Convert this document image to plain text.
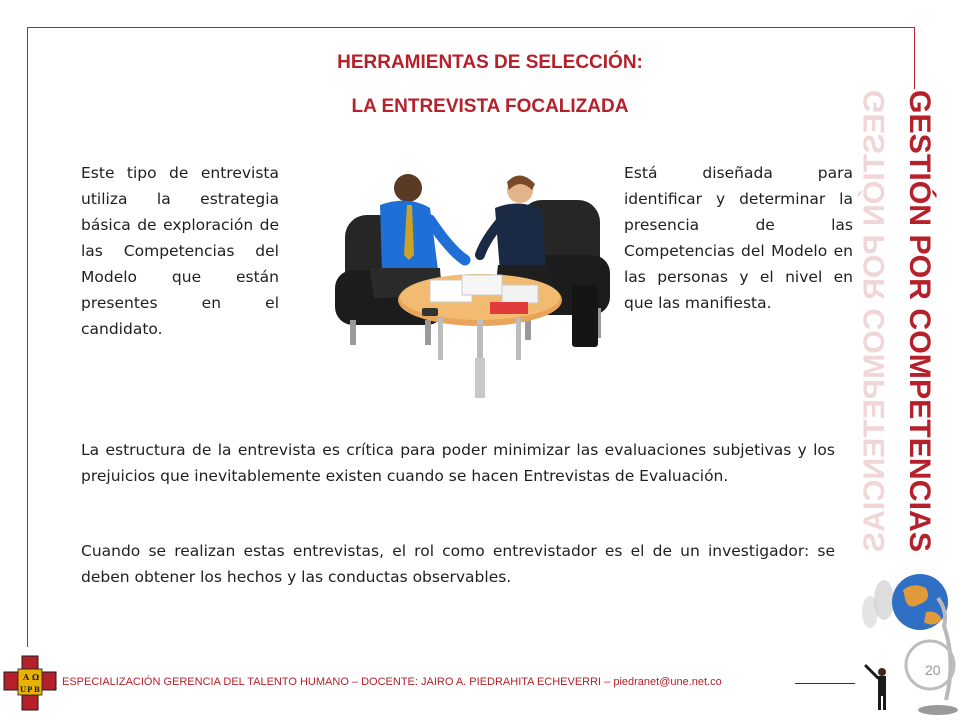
HERRAMIENTAS DE SELECCIÓN:
LA ENTREVISTA FOCALIZADA
Este tipo de entrevista utiliza la estrategia básica de exploración de las Competencias del Modelo que están presentes en el candidato.
Está diseñada para identificar y determinar la presencia de las Competencias del Modelo en las personas y el nivel en que las manifiesta.
La estructura de la entrevista es crítica para poder minimizar las evaluaciones subjetivas y los prejuicios que inevitablemente existen cuando se hacen Entrevistas de Evaluación.
Cuando se realizan estas entrevistas, el rol como entrevistador es el de un investigador: se deben obtener los hechos y las conductas observables.
GESTIÓN POR COMPETENCIAS
GESTIÓN POR COMPETENCIAS
A Ω
U P B
ESPECIALIZACIÓN GERENCIA DEL TALENTO HUMANO – DOCENTE: JAIRO A. PIEDRAHITA ECHEVERRI – piedranet@une.net.co
20
